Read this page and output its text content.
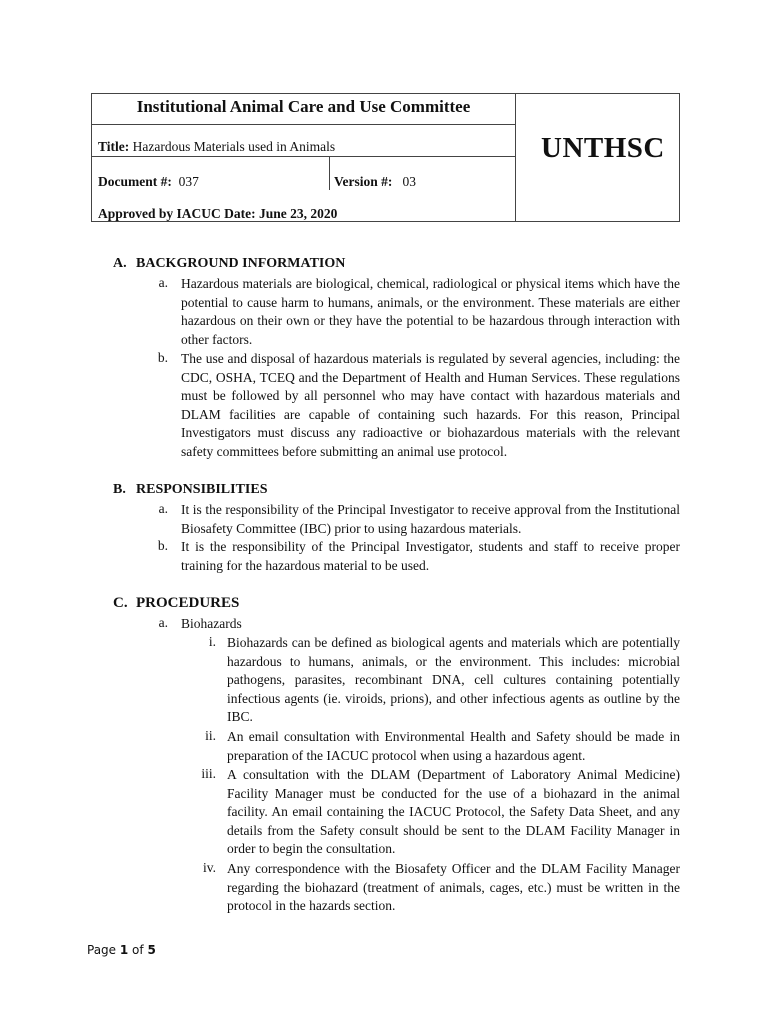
Institutional Animal Care and Use Committee
Title: Hazardous Materials used in Animals
Document #: 037	Version #: 03
Approved by IACUC Date: June 23, 2020
UNTHSC
A. BACKGROUND INFORMATION
a. Hazardous materials are biological, chemical, radiological or physical items which have the potential to cause harm to humans, animals, or the environment. These materials are either hazardous on their own or they have the potential to be hazardous through interaction with other factors.
b. The use and disposal of hazardous materials is regulated by several agencies, including: the CDC, OSHA, TCEQ and the Department of Health and Human Services. These regulations must be followed by all personnel who may have contact with hazardous materials and DLAM facilities are capable of containing such hazards. For this reason, Principal Investigators must discuss any radioactive or biohazardous materials with the relevant safety committees before submitting an animal use protocol.
B. RESPONSIBILITIES
a. It is the responsibility of the Principal Investigator to receive approval from the Institutional Biosafety Committee (IBC) prior to using hazardous materials.
b. It is the responsibility of the Principal Investigator, students and staff to receive proper training for the hazardous material to be used.
C. PROCEDURES
a. Biohazards
i. Biohazards can be defined as biological agents and materials which are potentially hazardous to humans, animals, or the environment. This includes: microbial pathogens, parasites, recombinant DNA, cell cultures containing potentially infectious agents (ie. viroids, prions), and other infectious agents as outline by the IBC.
ii. An email consultation with Environmental Health and Safety should be made in preparation of the IACUC protocol when using a hazardous agent.
iii. A consultation with the DLAM (Department of Laboratory Animal Medicine) Facility Manager must be conducted for the use of a biohazard in the animal facility. An email containing the IACUC Protocol, the Safety Data Sheet, and any details from the Safety consult should be sent to the DLAM Facility Manager in order to begin the consultation.
iv. Any correspondence with the Biosafety Officer and the DLAM Facility Manager regarding the biohazard (treatment of animals, cages, etc.) must be written in the protocol in the hazards section.
Page 1 of 5
